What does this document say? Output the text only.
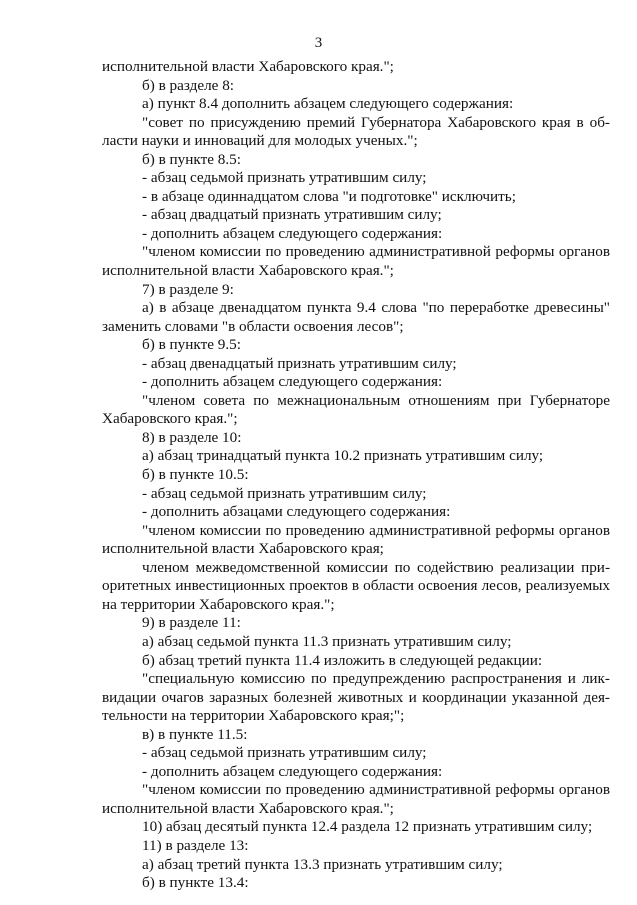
3
исполнительной власти Хабаровского края.";
б) в разделе 8:
а) пункт 8.4 дополнить абзацем следующего содержания:
"совет по присуждению премий Губернатора Хабаровского края в об-
ласти науки и инноваций для молодых ученых.";
б) в пункте 8.5:
- абзац седьмой признать утратившим силу;
- в абзаце одиннадцатом слова "и подготовке" исключить;
- абзац двадцатый признать утратившим силу;
- дополнить абзацем следующего содержания:
"членом комиссии по проведению административной реформы органов
исполнительной власти Хабаровского края.";
7) в разделе 9:
а) в абзаце двенадцатом пункта 9.4 слова "по переработке древесины"
заменить словами "в области освоения лесов";
б) в пункте 9.5:
- абзац двенадцатый признать утратившим силу;
- дополнить абзацем следующего содержания:
"членом совета по межнациональным отношениям при Губернаторе
Хабаровского края.";
8) в разделе 10:
а) абзац тринадцатый пункта 10.2 признать утратившим силу;
б) в пункте 10.5:
- абзац седьмой признать утратившим силу;
- дополнить абзацами следующего содержания:
"членом комиссии по проведению административной реформы органов
исполнительной власти Хабаровского края;
членом межведомственной комиссии по содействию реализации при-
оритетных инвестиционных проектов в области освоения лесов, реализуемых
на территории Хабаровского края.";
9) в разделе 11:
а) абзац седьмой пункта 11.3 признать утратившим силу;
б) абзац третий пункта 11.4 изложить в следующей редакции:
"специальную комиссию по предупреждению распространения и лик-
видации очагов заразных болезней животных и координации указанной дея-
тельности на территории Хабаровского края;";
в) в пункте 11.5:
- абзац седьмой признать утратившим силу;
- дополнить абзацем следующего содержания:
"членом комиссии по проведению административной реформы органов
исполнительной власти Хабаровского края.";
10) абзац десятый пункта 12.4 раздела 12 признать утратившим силу;
11) в разделе 13:
а) абзац третий пункта 13.3 признать утратившим силу;
б) в пункте 13.4:
